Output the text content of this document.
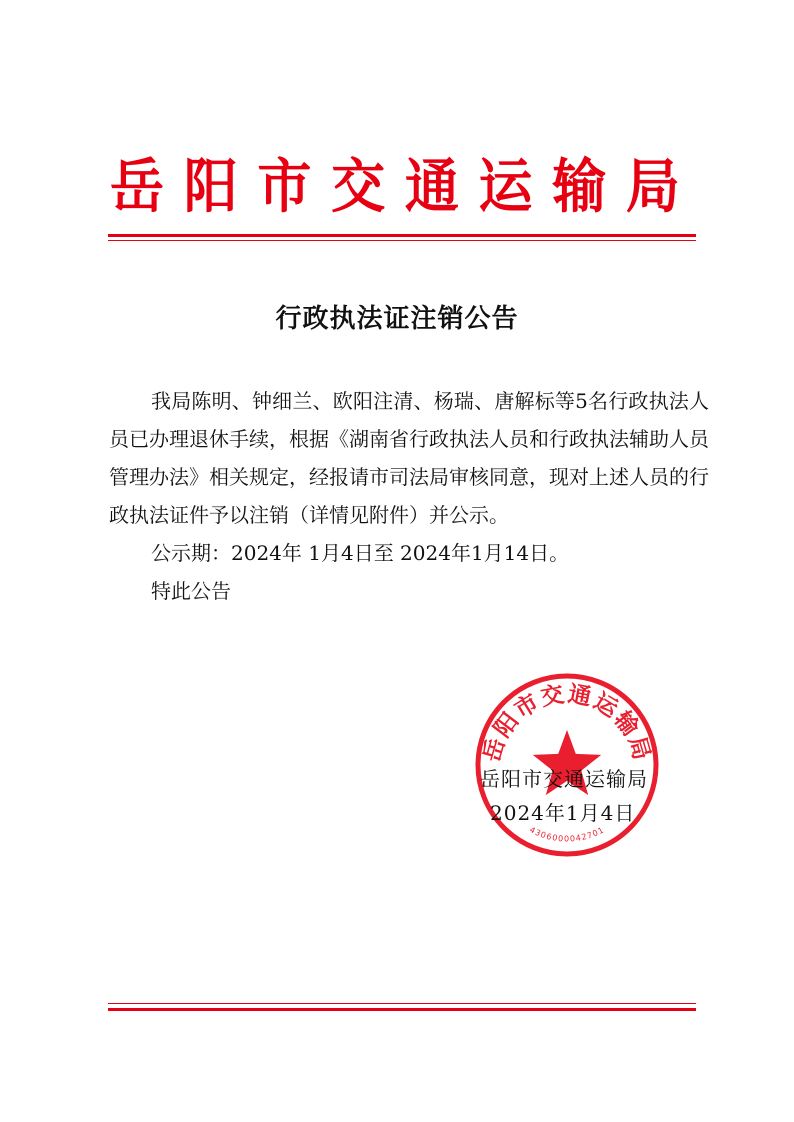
岳 阳 市 交 通 运 输 局
行政执法证注销公告

我局陈明、钟细兰、欧阳注清、杨瑞、唐解标等5名行政执法人员已办理退休手续，根据《湖南省行政执法人员和行政执法辅助人员管理办法》相关规定，经报请市司法局审核同意，现对上述人员的行政执法证件予以注销（详情见附件）并公示。

公示期：2024年 1月4日至 2024年1月14日。

特此公告

岳阳市交通运输局
4306000042701
岳阳市交通运输局
2024年1月4日
